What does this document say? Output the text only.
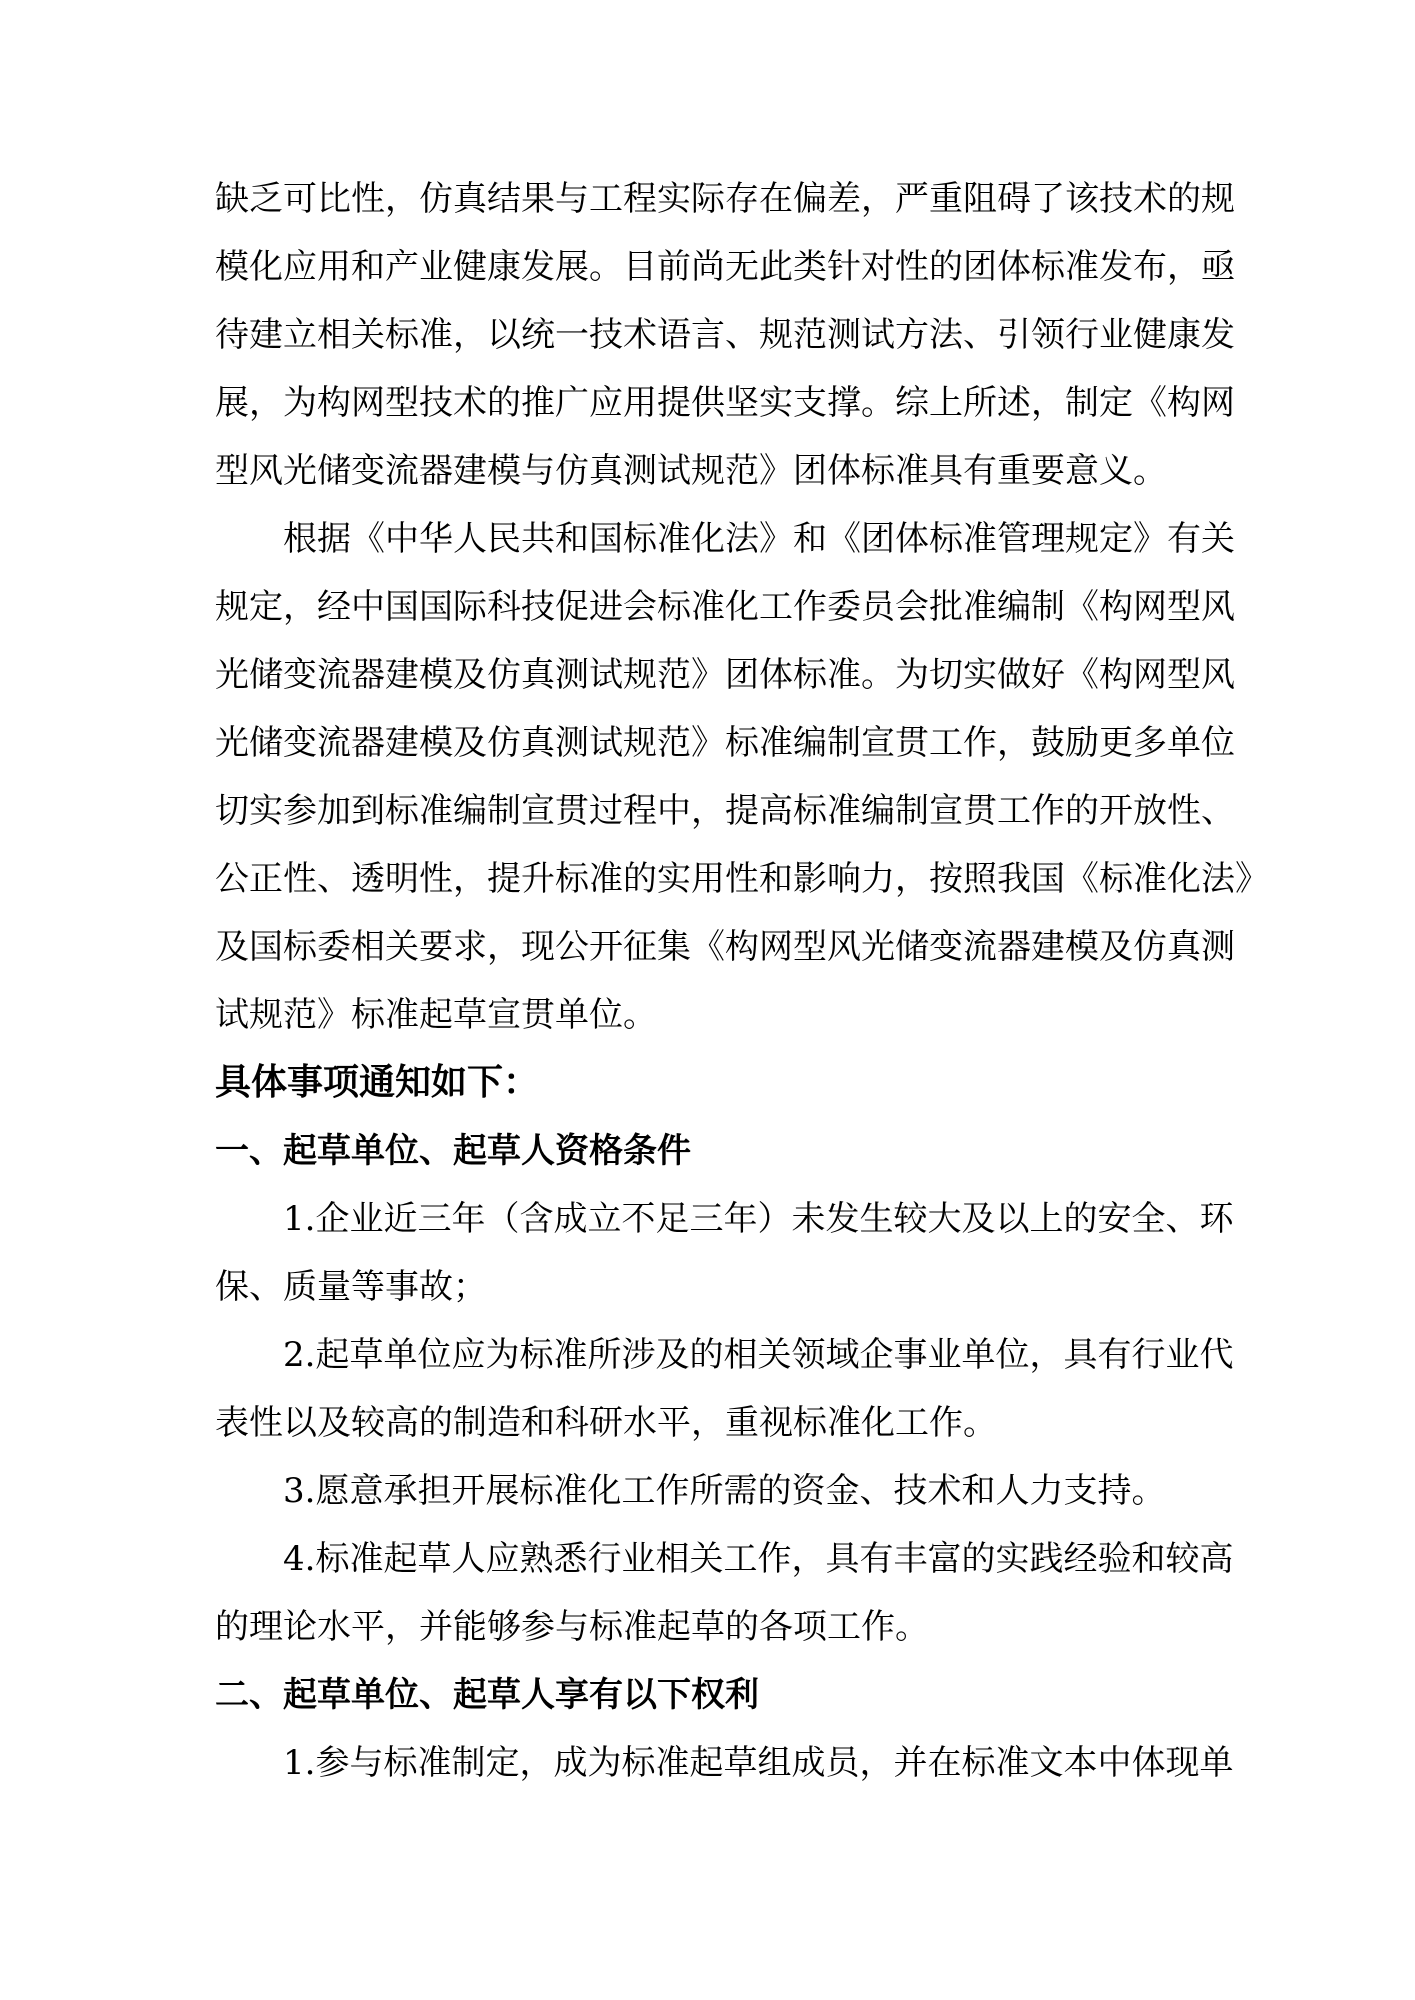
缺乏可比性，仿真结果与工程实际存在偏差，严重阻碍了该技术的规
模化应用和产业健康发展。目前尚无此类针对性的团体标准发布，亟
待建立相关标准，以统一技术语言、规范测试方法、引领行业健康发
展，为构网型技术的推广应用提供坚实支撑。综上所述，制定《构网
型风光储变流器建模与仿真测试规范》团体标准具有重要意义。
根据《中华人民共和国标准化法》和《团体标准管理规定》有关
规定，经中国国际科技促进会标准化工作委员会批准编制《构网型风
光储变流器建模及仿真测试规范》团体标准。为切实做好《构网型风
光储变流器建模及仿真测试规范》标准编制宣贯工作，鼓励更多单位
切实参加到标准编制宣贯过程中，提高标准编制宣贯工作的开放性、
公正性、透明性，提升标准的实用性和影响力，按照我国《标准化法》
及国标委相关要求，现公开征集《构网型风光储变流器建模及仿真测
试规范》标准起草宣贯单位。
具体事项通知如下：
一、起草单位、起草人资格条件
1.企业近三年（含成立不足三年）未发生较大及以上的安全、环
保、质量等事故；
2.起草单位应为标准所涉及的相关领域企事业单位，具有行业代
表性以及较高的制造和科研水平，重视标准化工作。
3.愿意承担开展标准化工作所需的资金、技术和人力支持。
4.标准起草人应熟悉行业相关工作，具有丰富的实践经验和较高
的理论水平，并能够参与标准起草的各项工作。
二、起草单位、起草人享有以下权利
1.参与标准制定，成为标准起草组成员，并在标准文本中体现单
